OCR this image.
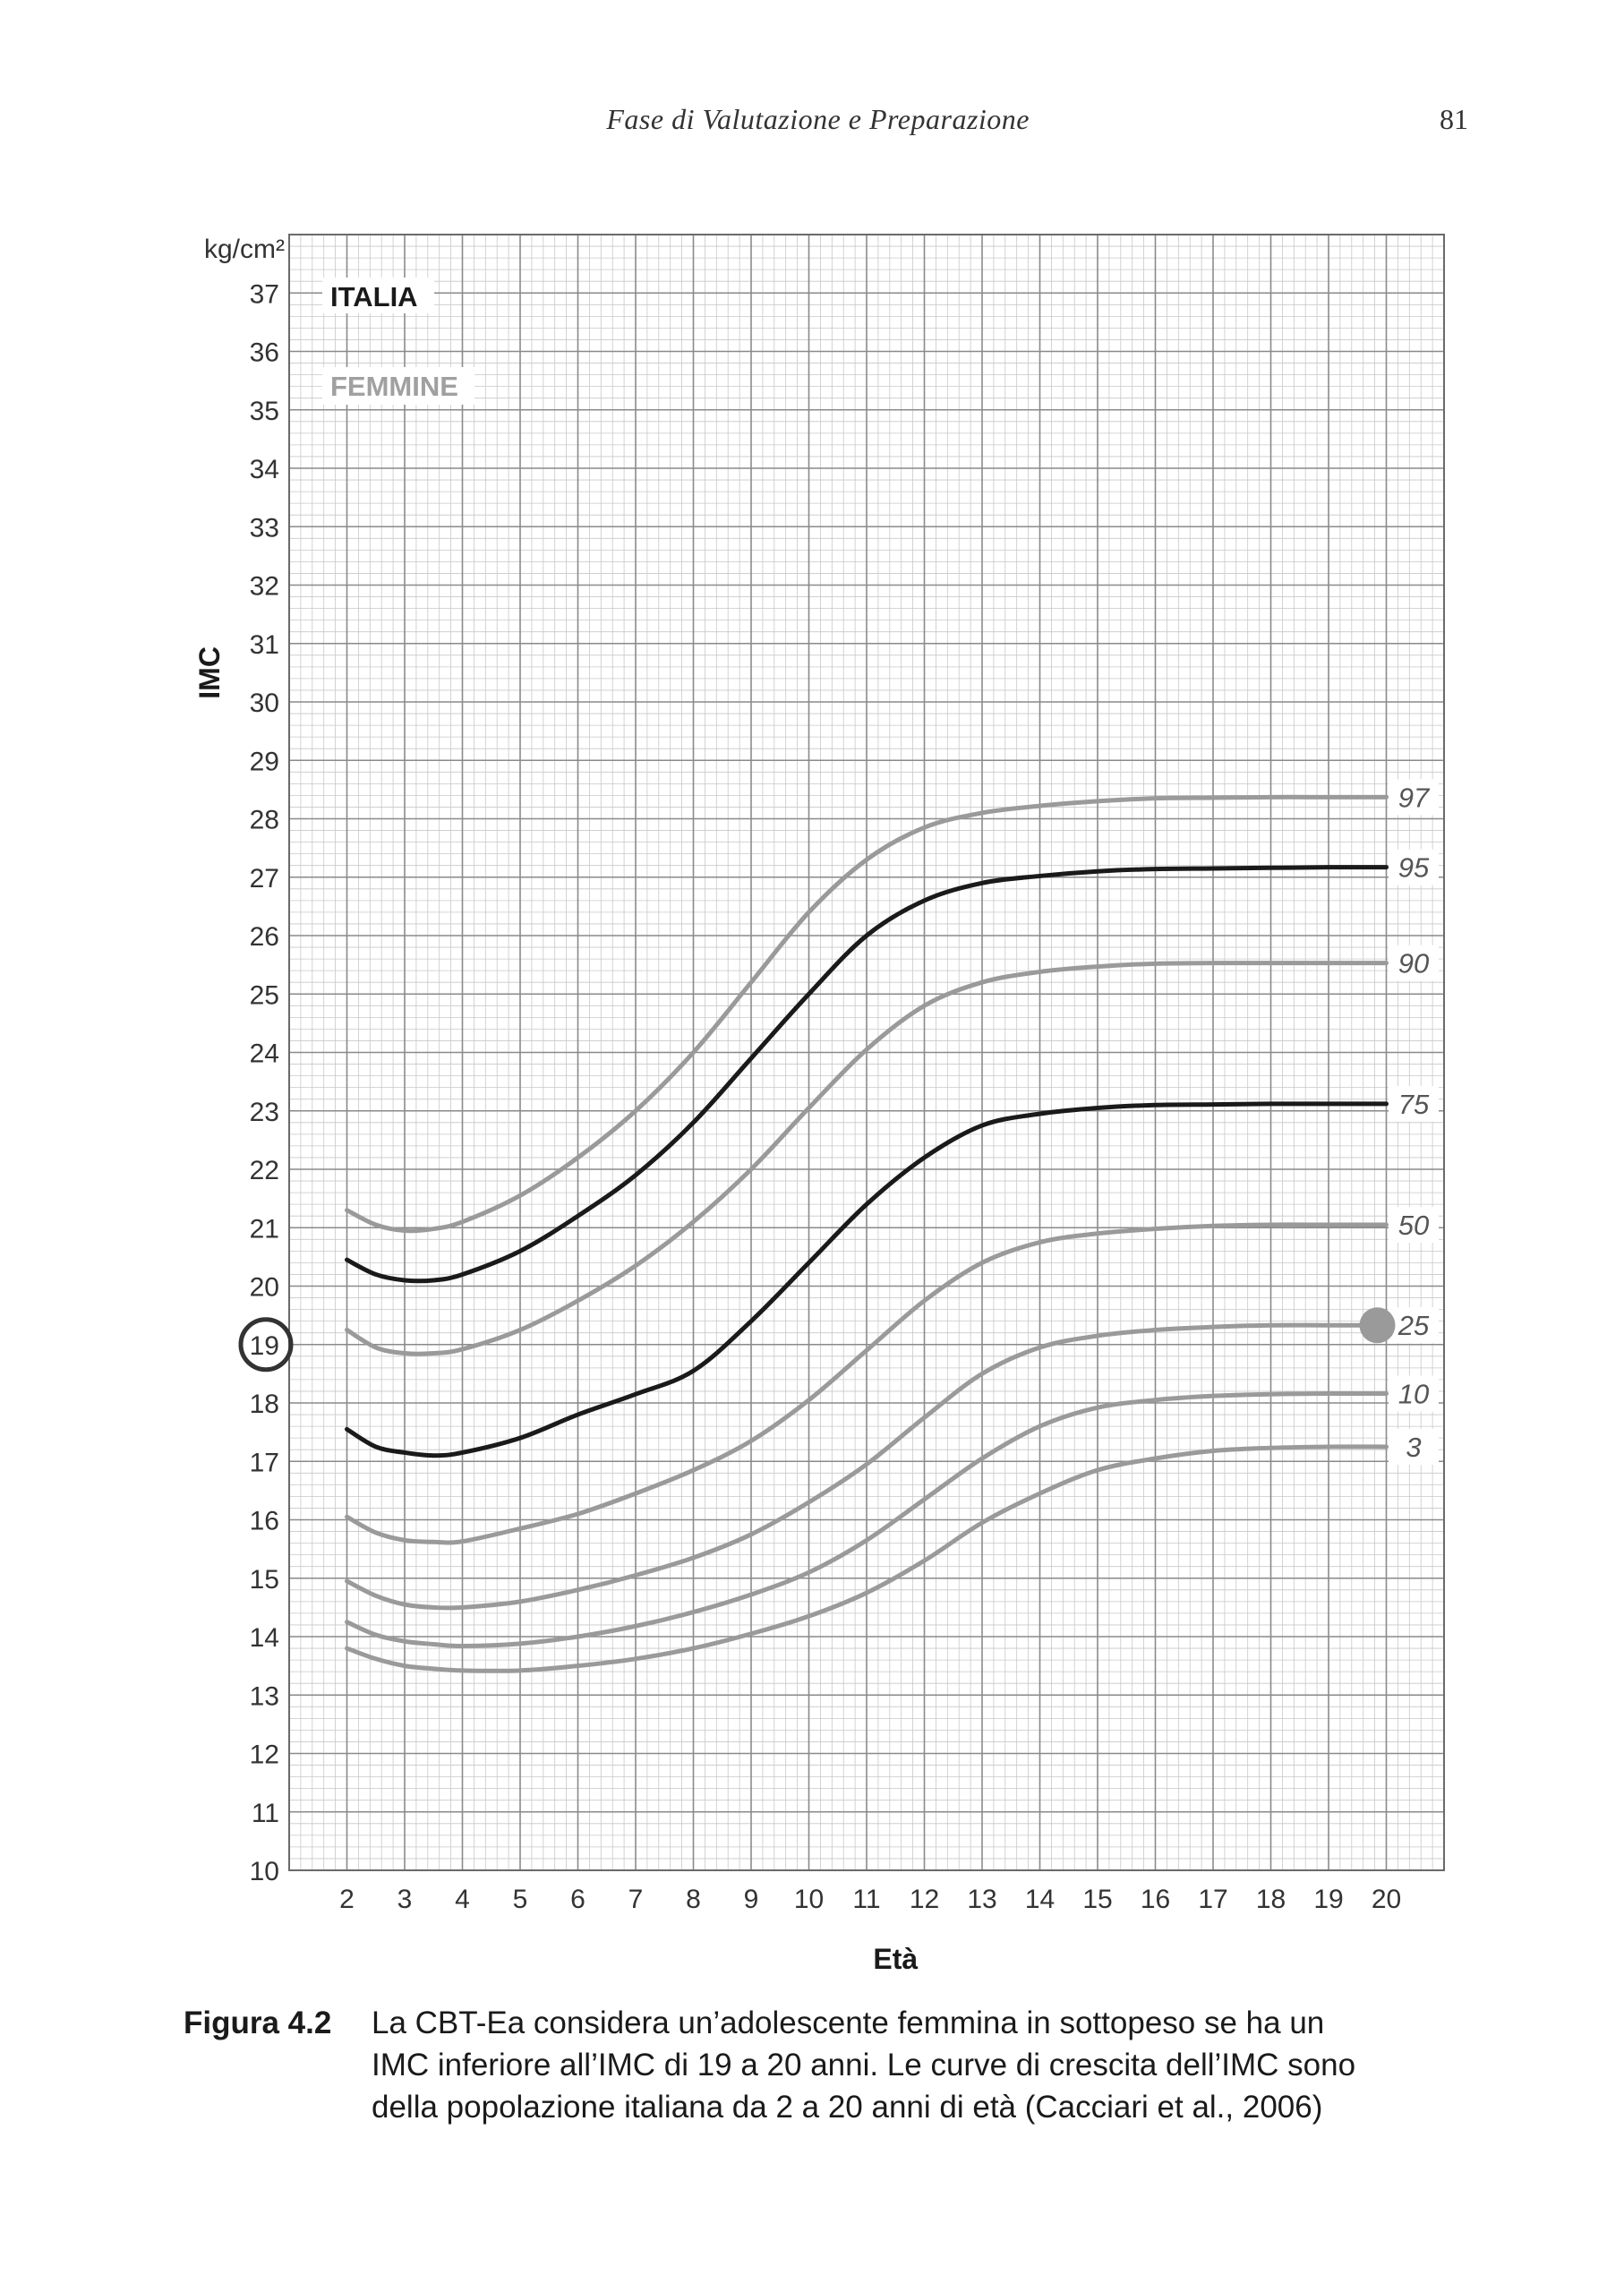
Fase di Valutazione e Preparazione	81
kg/cm²
IMC
Età
ITALIA
FEMMINE
10
11
12
13
14
15
16
17
18
19
20
21
22
23
24
25
26
27
28
29
30
31
32
33
34
35
36
37
2 3 4 5 6 7 8 9 10 11 12 13 14 15 16 17 18 19 20
97
95
90
75
50
25
10
3
Figura 4.2	La CBT-Ea considera un’adolescente femmina in sottopeso se ha un
IMC inferiore all’IMC di 19 a 20 anni. Le curve di crescita dell’IMC sono
della popolazione italiana da 2 a 20 anni di età (Cacciari et al., 2006)
